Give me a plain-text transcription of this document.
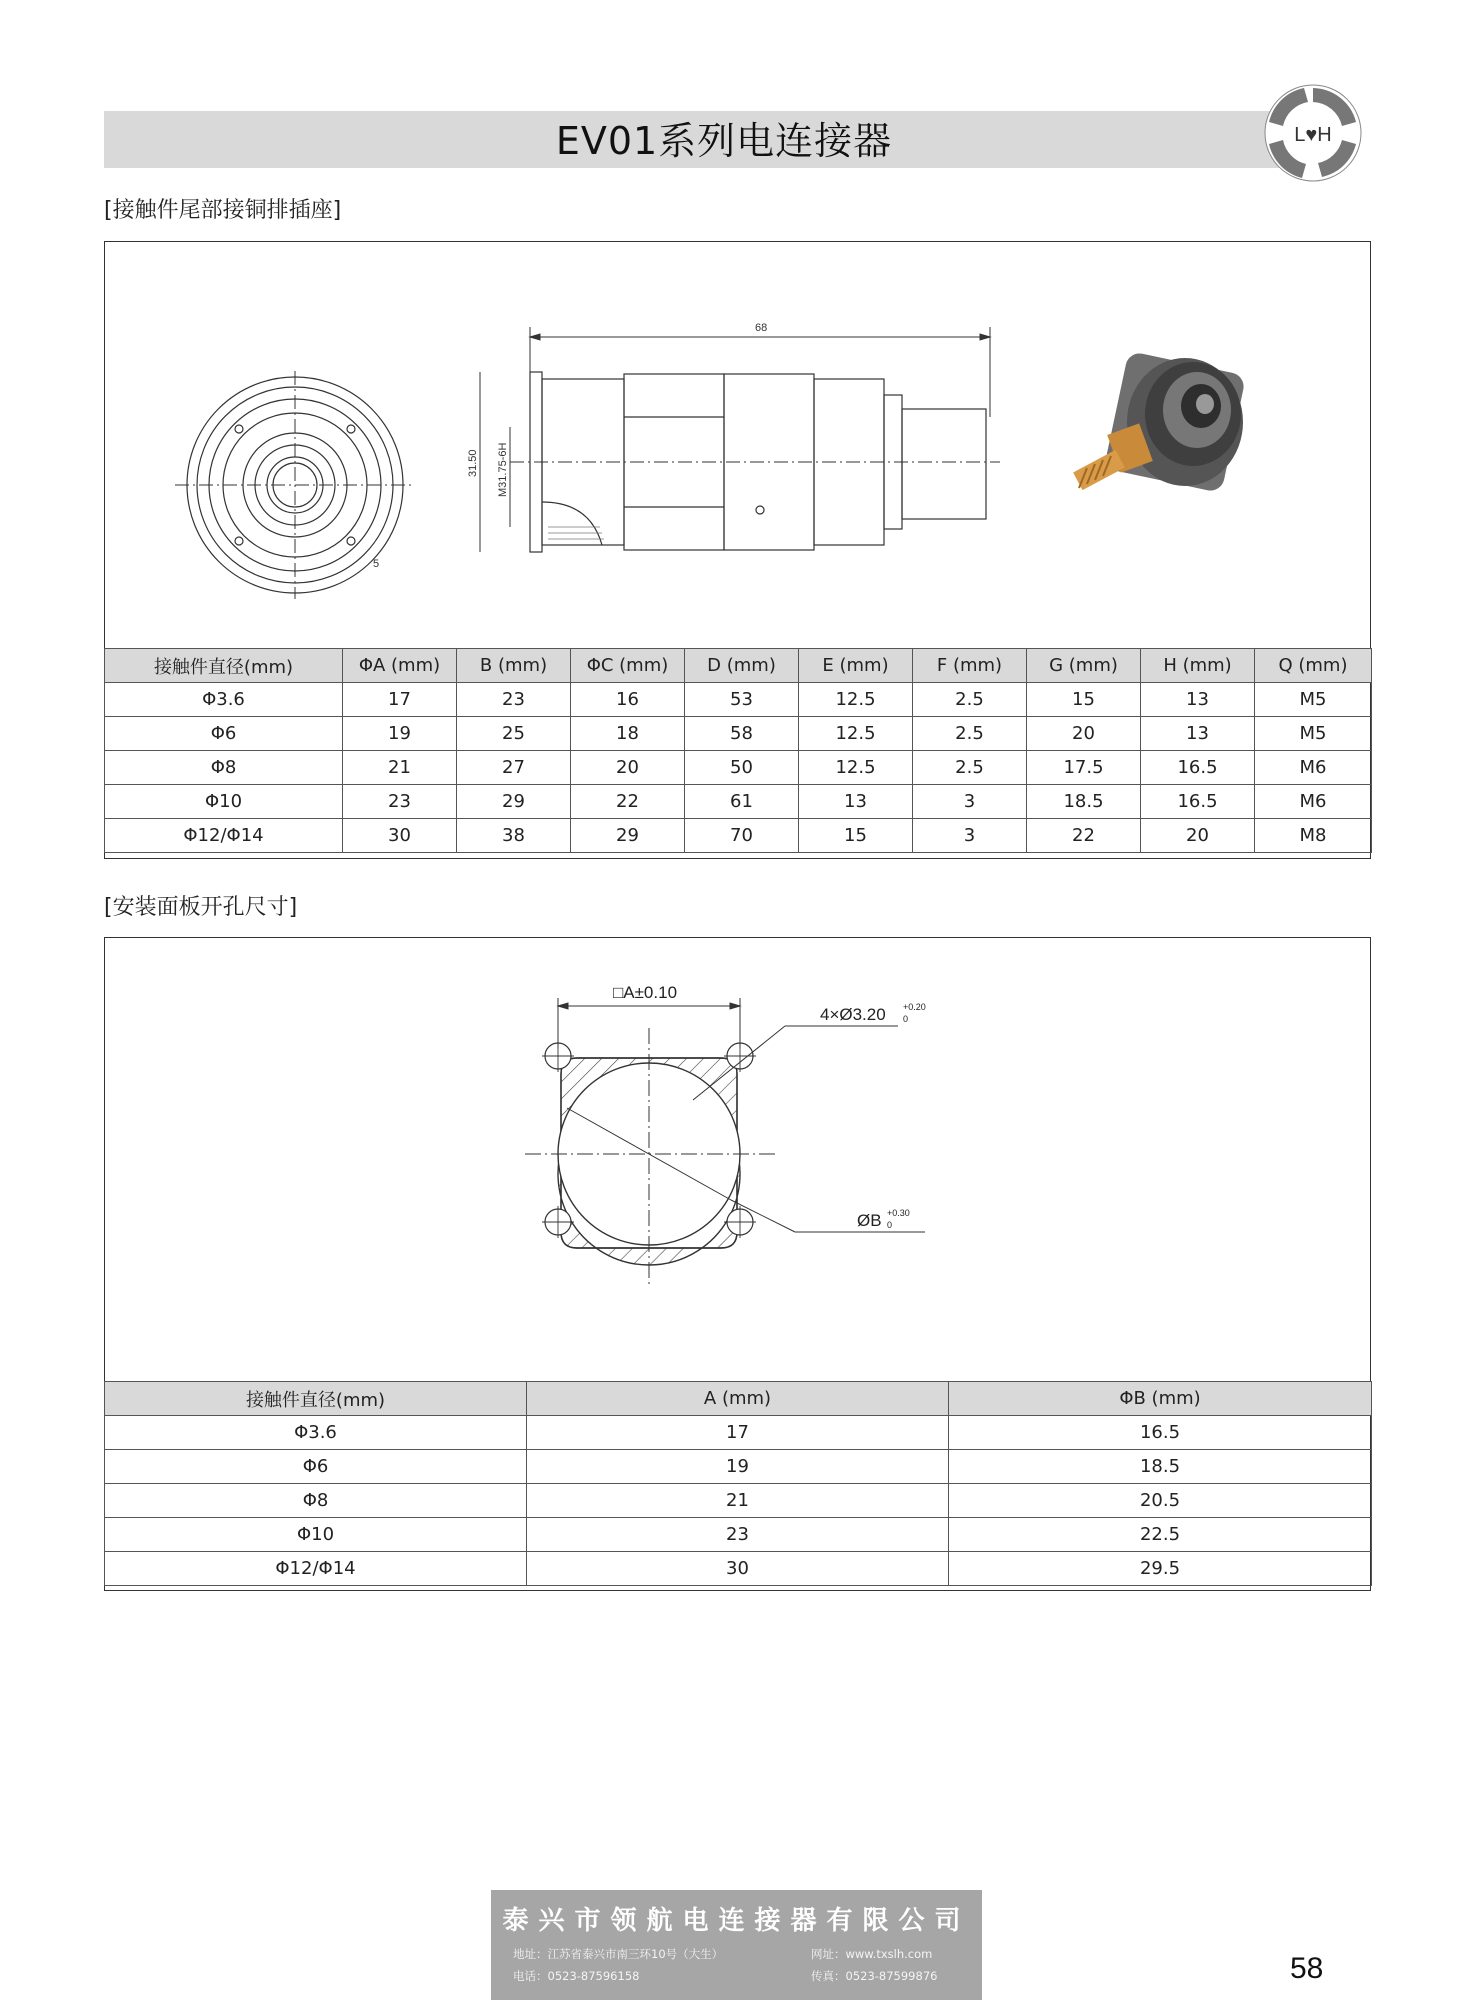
EV01系列电连接器	L♥H
[接触件尾部接铜排插座]
5
68
31.50 M31.75-6H
接触件直径(mm)	ΦA (mm)	B (mm)	ΦC (mm)	D (mm)	E (mm)	F (mm)	G (mm)	H (mm)	Q (mm)
Φ3.6	17	23	16	53	12.5	2.5	15	13	M5
Φ6	19	25	18	58	12.5	2.5	20	13	M5
Φ8	21	27	20	50	12.5	2.5	17.5	16.5	M6
Φ10	23	29	22	61	13	3	18.5	16.5	M6
Φ12/Φ14	30	38	29	70	15	3	22	20	M8
[安装面板开孔尺寸]
□A±0.10
4×Ø3.20 +0.20
0
ØB +0.30
0
接触件直径(mm)	A (mm)	ΦB (mm)
Φ3.6	17	16.5
Φ6	19	18.5
Φ8	21	20.5
Φ10	23	22.5
Φ12/Φ14	30	29.5
泰兴市领航电连接器有限公司
地址：江苏省泰兴市南三环10号（大生）	网址：www.txslh.com
电话：0523-87596158	传真：0523-87599876	58
